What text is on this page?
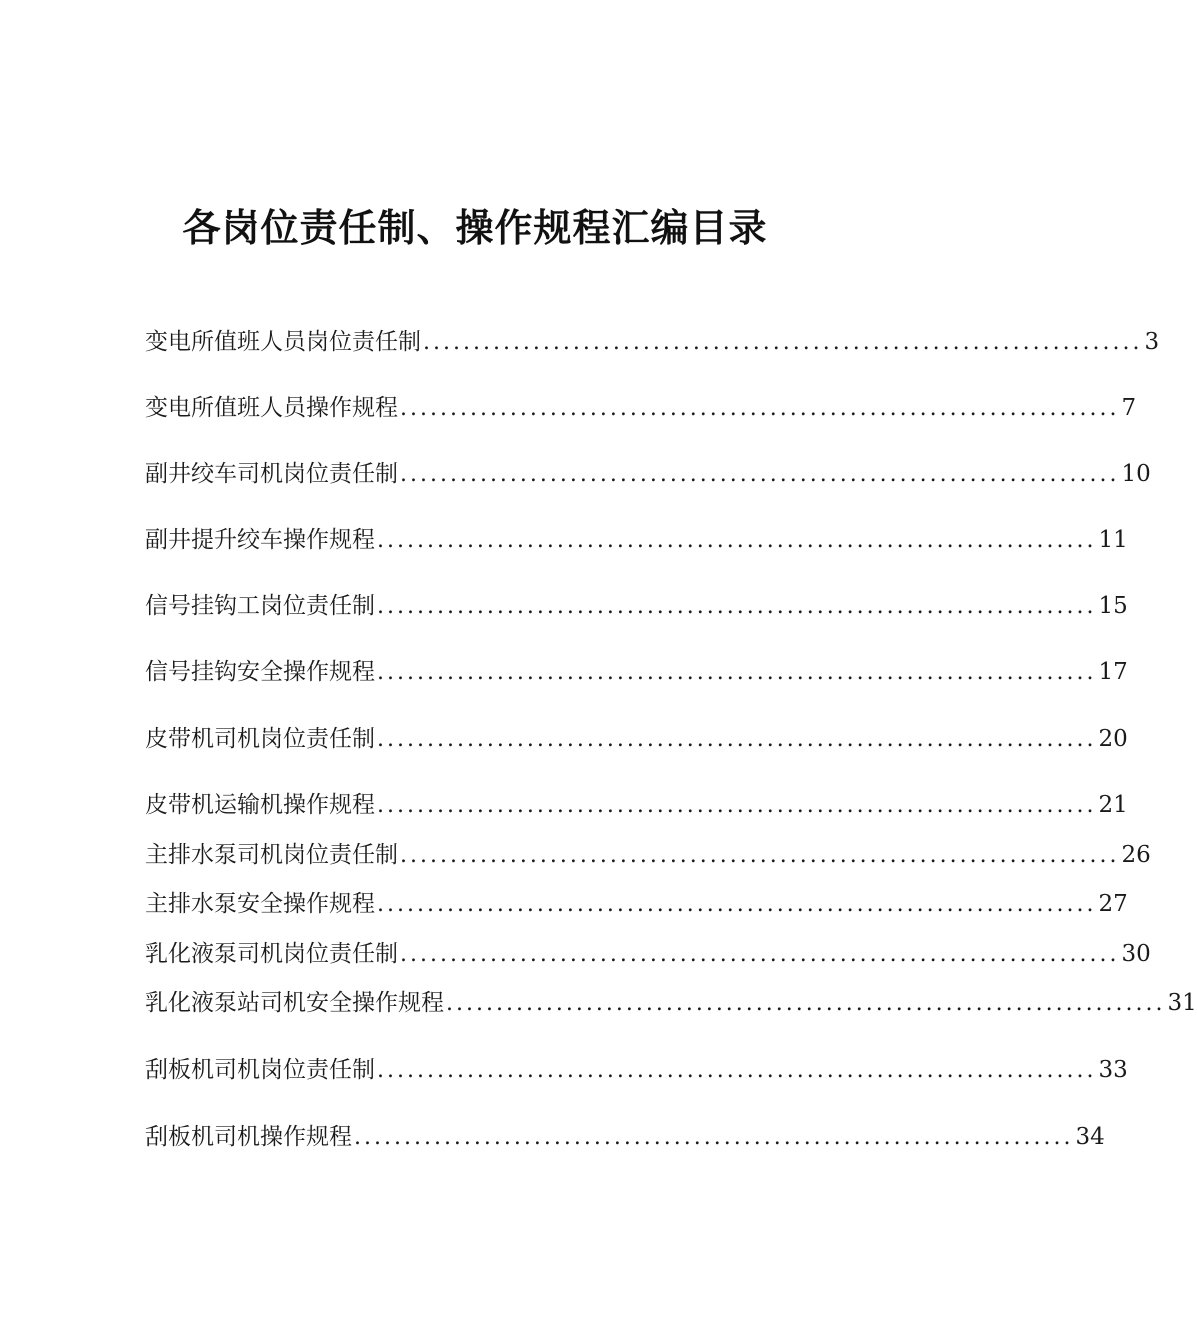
各岗位责任制、操作规程汇编目录
变电所值班人员岗位责任制 ........................................................................ 3
变电所值班人员操作规程 ........................................................................ 7
副井绞车司机岗位责任制 ........................................................................ 10
副井提升绞车操作规程 ........................................................................ 11
信号挂钩工岗位责任制 ........................................................................ 15
信号挂钩安全操作规程 ........................................................................ 17
皮带机司机岗位责任制 ........................................................................ 20
皮带机运输机操作规程 ........................................................................ 21
主排水泵司机岗位责任制 ........................................................................ 26
主排水泵安全操作规程 ........................................................................ 27
乳化液泵司机岗位责任制 ........................................................................ 30
乳化液泵站司机安全操作规程 ........................................................................ 31
刮板机司机岗位责任制 ........................................................................ 33
刮板机司机操作规程 ........................................................................ 34
